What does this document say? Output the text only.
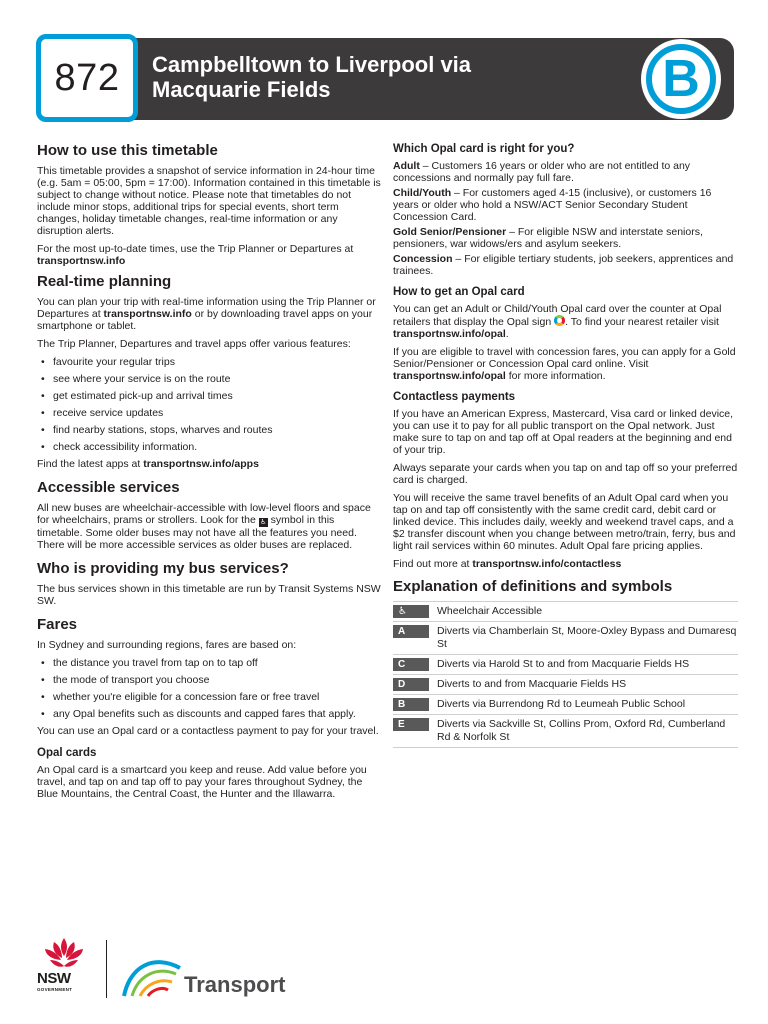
872 Campbelltown to Liverpool via
Macquarie Fields	B
How to use this timetable

This timetable provides a snapshot of service information in 24-hour time (e.g. 5am = 05:00, 5pm = 17:00). Information contained in this timetable is subject to change without notice. Please note that timetables do not include minor stops, additional trips for special events, short term changes, holiday timetable changes, real-time information or any disruption alerts.

For the most up-to-date times, use the Trip Planner or Departures at transportnsw.info

Real-time planning

You can plan your trip with real-time information using the Trip Planner or Departures at transportnsw.info or by downloading travel apps on your smartphone or tablet.

The Trip Planner, Departures and travel apps offer various features:

• favourite your regular trips
• see where your service is on the route
• get estimated pick-up and arrival times
• receive service updates
• find nearby stations, stops, wharves and routes
• check accessibility information.

Find the latest apps at transportnsw.info/apps

Accessible services

All new buses are wheelchair-accessible with low-level floors and space for wheelchairs, prams or strollers. Look for the ♿ symbol in this timetable. Some older buses may not have all the features you need. There will be more accessible services as older buses are replaced.

Who is providing my bus services?

The bus services shown in this timetable are run by Transit Systems NSW SW.

Fares

In Sydney and surrounding regions, fares are based on:

• the distance you travel from tap on to tap off
• the mode of transport you choose
• whether you're eligible for a concession fare or free travel
• any Opal benefits such as discounts and capped fares that apply.

You can use an Opal card or a contactless payment to pay for your travel.

Opal cards

An Opal card is a smartcard you keep and reuse. Add value before you travel, and tap on and tap off to pay your fares throughout Sydney, the Blue Mountains, the Central Coast, the Hunter and the Illawarra.

Which Opal card is right for you?

Adult – Customers 16 years or older who are not entitled to any concessions and normally pay full fare.

Child/Youth – For customers aged 4-15 (inclusive), or customers 16 years or older who hold a NSW/ACT Senior Secondary Student Concession Card.

Gold Senior/Pensioner – For eligible NSW and interstate seniors, pensioners, war widows/ers and asylum seekers.

Concession – For eligible tertiary students, job seekers, apprentices and trainees.

How to get an Opal card

You can get an Adult or Child/Youth Opal card over the counter at Opal retailers that display the Opal sign . To find your nearest retailer visit transportnsw.info/opal.

If you are eligible to travel with concession fares, you can apply for a Gold Senior/Pensioner or Concession Opal card online. Visit transportnsw.info/opal for more information.

Contactless payments

If you have an American Express, Mastercard, Visa card or linked device, you can use it to pay for all public transport on the Opal network. Just make sure to tap on and tap off at Opal readers at the beginning and end of your trip.

Always separate your cards when you tap on and tap off so your preferred card is charged.

You will receive the same travel benefits of an Adult Opal card when you tap on and tap off consistently with the same credit card, debit card or linked device. This includes daily, weekly and weekend travel caps, and a $2 transfer discount when you change between metro/train, ferry, bus and light rail services within 60 minutes. Adult Opal fare pricing applies.

Find out more at transportnsw.info/contactless

Explanation of definitions and symbols
♿	Wheelchair Accessible
A	Diverts via Chamberlain St, Moore-Oxley Bypass and Dumaresq St
C	Diverts via Harold St to and from Macquarie Fields HS
D	Diverts to and from Macquarie Fields HS
B	Diverts via Burrendong Rd to Leumeah Public School
E	Diverts via Sackville St, Collins Prom, Oxford Rd, Cumberland Rd & Norfolk St
NSW
GOVERNMENT	Transport
